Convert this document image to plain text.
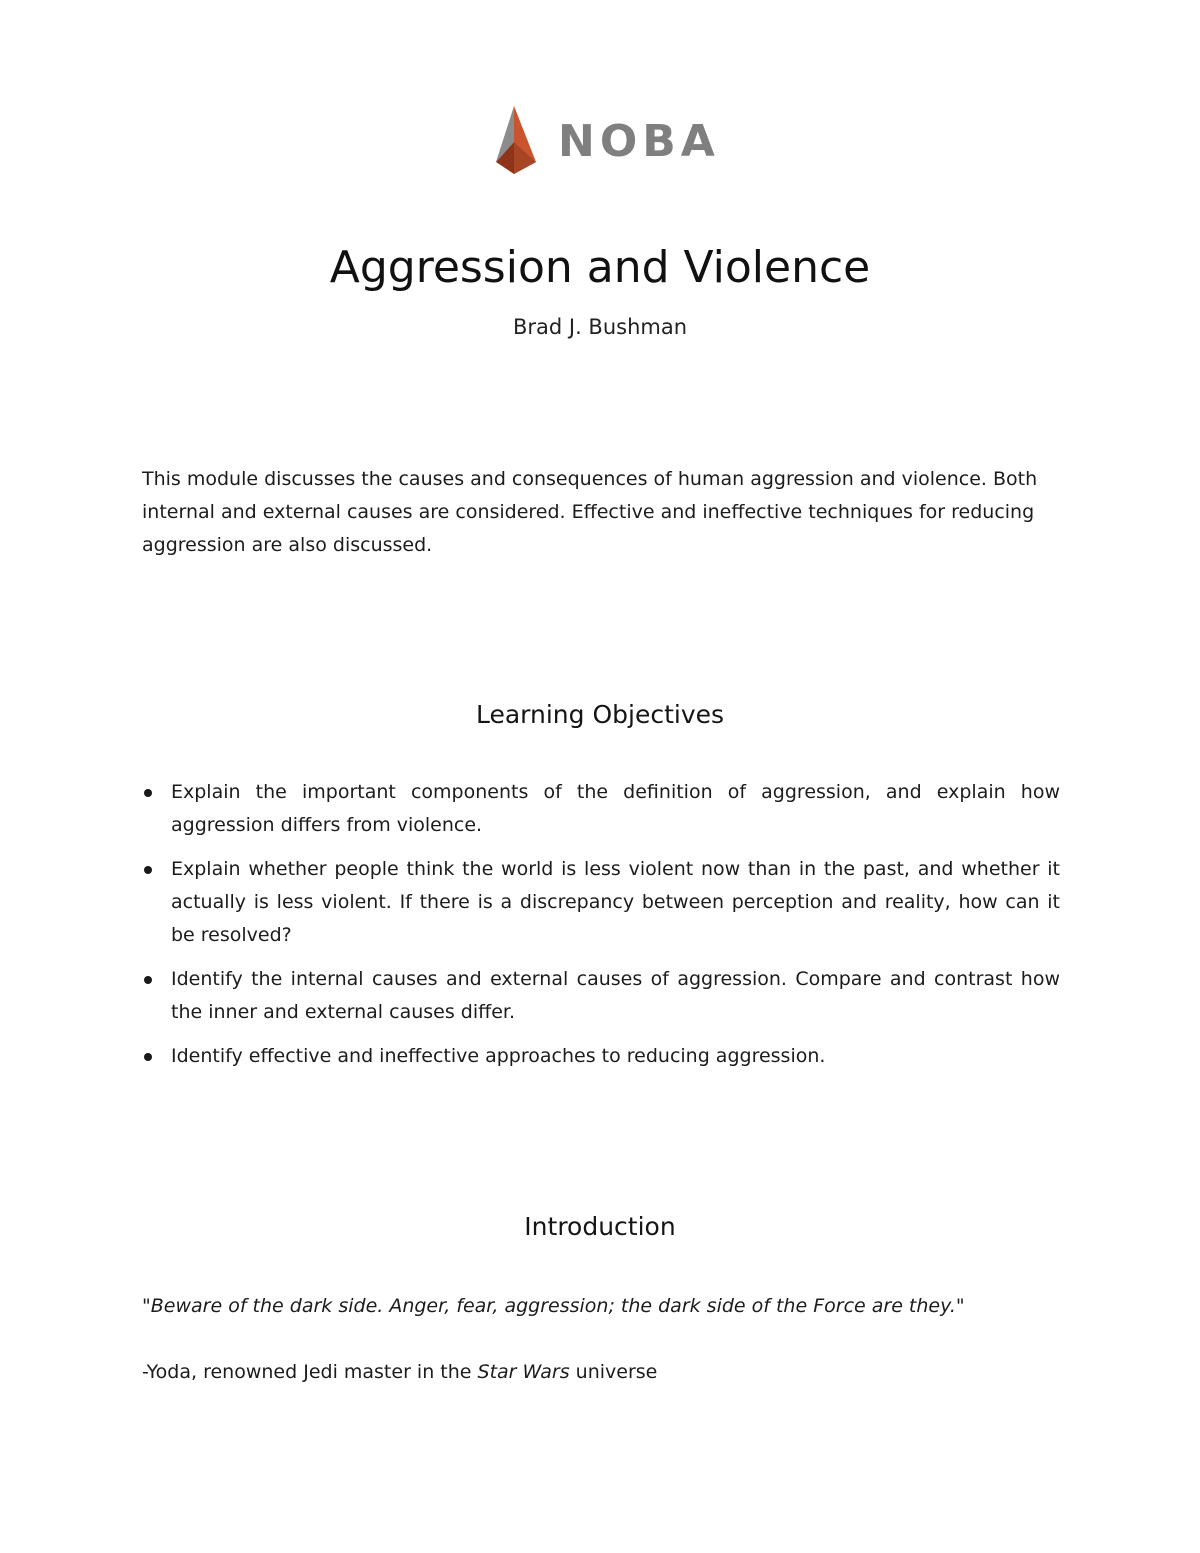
NOBA
Aggression and Violence
Brad J. Bushman

This module discusses the causes and consequences of human aggression and violence. Both internal and external causes are considered. Effective and ineffective techniques for reducing aggression are also discussed.

Learning Objectives
Explain the important components of the definition of aggression, and explain how aggression differs from violence.
Explain whether people think the world is less violent now than in the past, and whether it actually is less violent. If there is a discrepancy between perception and reality, how can it be resolved?
Identify the internal causes and external causes of aggression. Compare and contrast how the inner and external causes differ.
Identify effective and ineffective approaches to reducing aggression.
Introduction

"Beware of the dark side. Anger, fear, aggression; the dark side of the Force are they."

-Yoda, renowned Jedi master in the Star Wars universe
